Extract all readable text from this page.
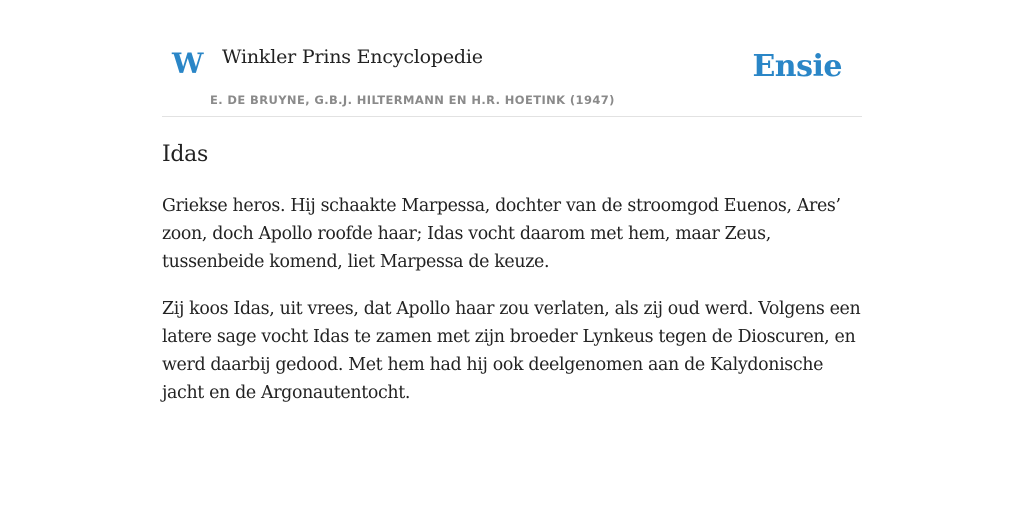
W Winkler Prins Encyclopedie
E. DE BRUYNE, G.B.J. HILTERMANN EN H.R. HOETINK (1947)
Ensie
Idas

Griekse heros. Hij schaakte Marpessa, dochter van de stroomgod Euenos, Ares’ zoon, doch Apollo roofde haar; Idas vocht daarom met hem, maar Zeus, tussenbeide komend, liet Marpessa de keuze.

Zij koos Idas, uit vrees, dat Apollo haar zou verlaten, als zij oud werd. Volgens een latere sage vocht Idas te zamen met zijn broeder Lynkeus tegen de Dioscuren, en werd daarbij gedood. Met hem had hij ook deelgenomen aan de Kalydonische jacht en de Argonautentocht.
